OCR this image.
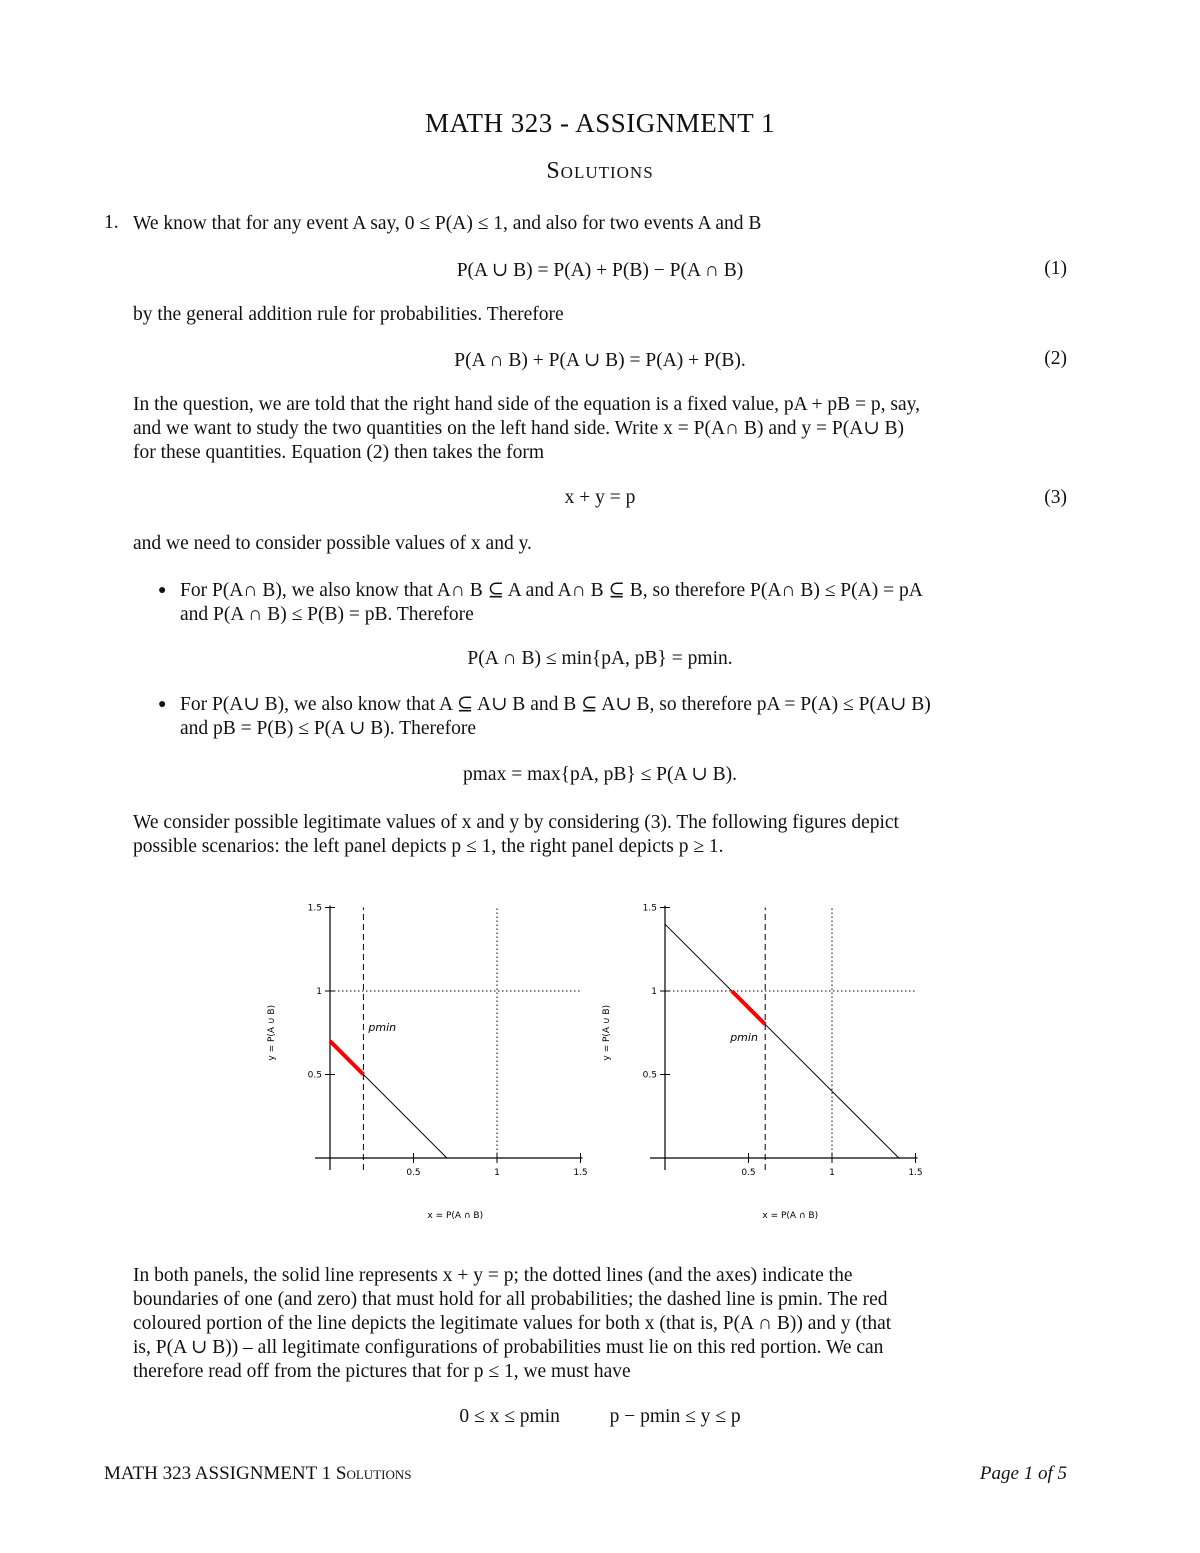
MATH 323 - ASSIGNMENT 1
Solutions
1. We know that for any event A say, 0 ≤ P(A) ≤ 1, and also for two events A and B
P(A ∪ B) = P(A) + P(B) − P(A ∩ B)	(1)
by the general addition rule for probabilities. Therefore
P(A ∩ B) + P(A ∪ B) = P(A) + P(B).	(2)
In the question, we are told that the right hand side of the equation is a fixed value, pA + pB = p, say,
and we want to study the two quantities on the left hand side. Write x = P(A∩ B) and y = P(A∪ B)
for these quantities. Equation (2) then takes the form
x + y = p	(3)
and we need to consider possible values of x and y.
● For P(A∩ B), we also know that A∩ B ⊆ A and A∩ B ⊆ B, so therefore P(A∩ B) ≤ P(A) = pA
and P(A ∩ B) ≤ P(B) = pB. Therefore
P(A ∩ B) ≤ min{pA, pB} = pmin.
● For P(A∪ B), we also know that A ⊆ A∪ B and B ⊆ A∪ B, so therefore pA = P(A) ≤ P(A∪ B)
and pB = P(B) ≤ P(A ∪ B). Therefore
pmax = max{pA, pB} ≤ P(A ∪ B).
We consider possible legitimate values of x and y by considering (3). The following figures depict
possible scenarios: the left panel depicts p ≤ 1, the right panel depicts p ≥ 1.
0.5
0.5
1
1
1.5
1.5
pmin
x = P(A ∩ B)
y = P(A ∪ B)
0.5
0.5
1
1
1.5
1.5
pmin
x = P(A ∩ B)
y = P(A ∪ B)
In both panels, the solid line represents x + y = p; the dotted lines (and the axes) indicate the
boundaries of one (and zero) that must hold for all probabilities; the dashed line is pmin. The red
coloured portion of the line depicts the legitimate values for both x (that is, P(A ∩ B)) and y (that
is, P(A ∪ B)) – all legitimate configurations of probabilities must lie on this red portion. We can
therefore read off from the pictures that for p ≤ 1, we must have
0 ≤ x ≤ pmin	p − pmin ≤ y ≤ p
MATH 323 ASSIGNMENT 1 Solutions	Page 1 of 5
